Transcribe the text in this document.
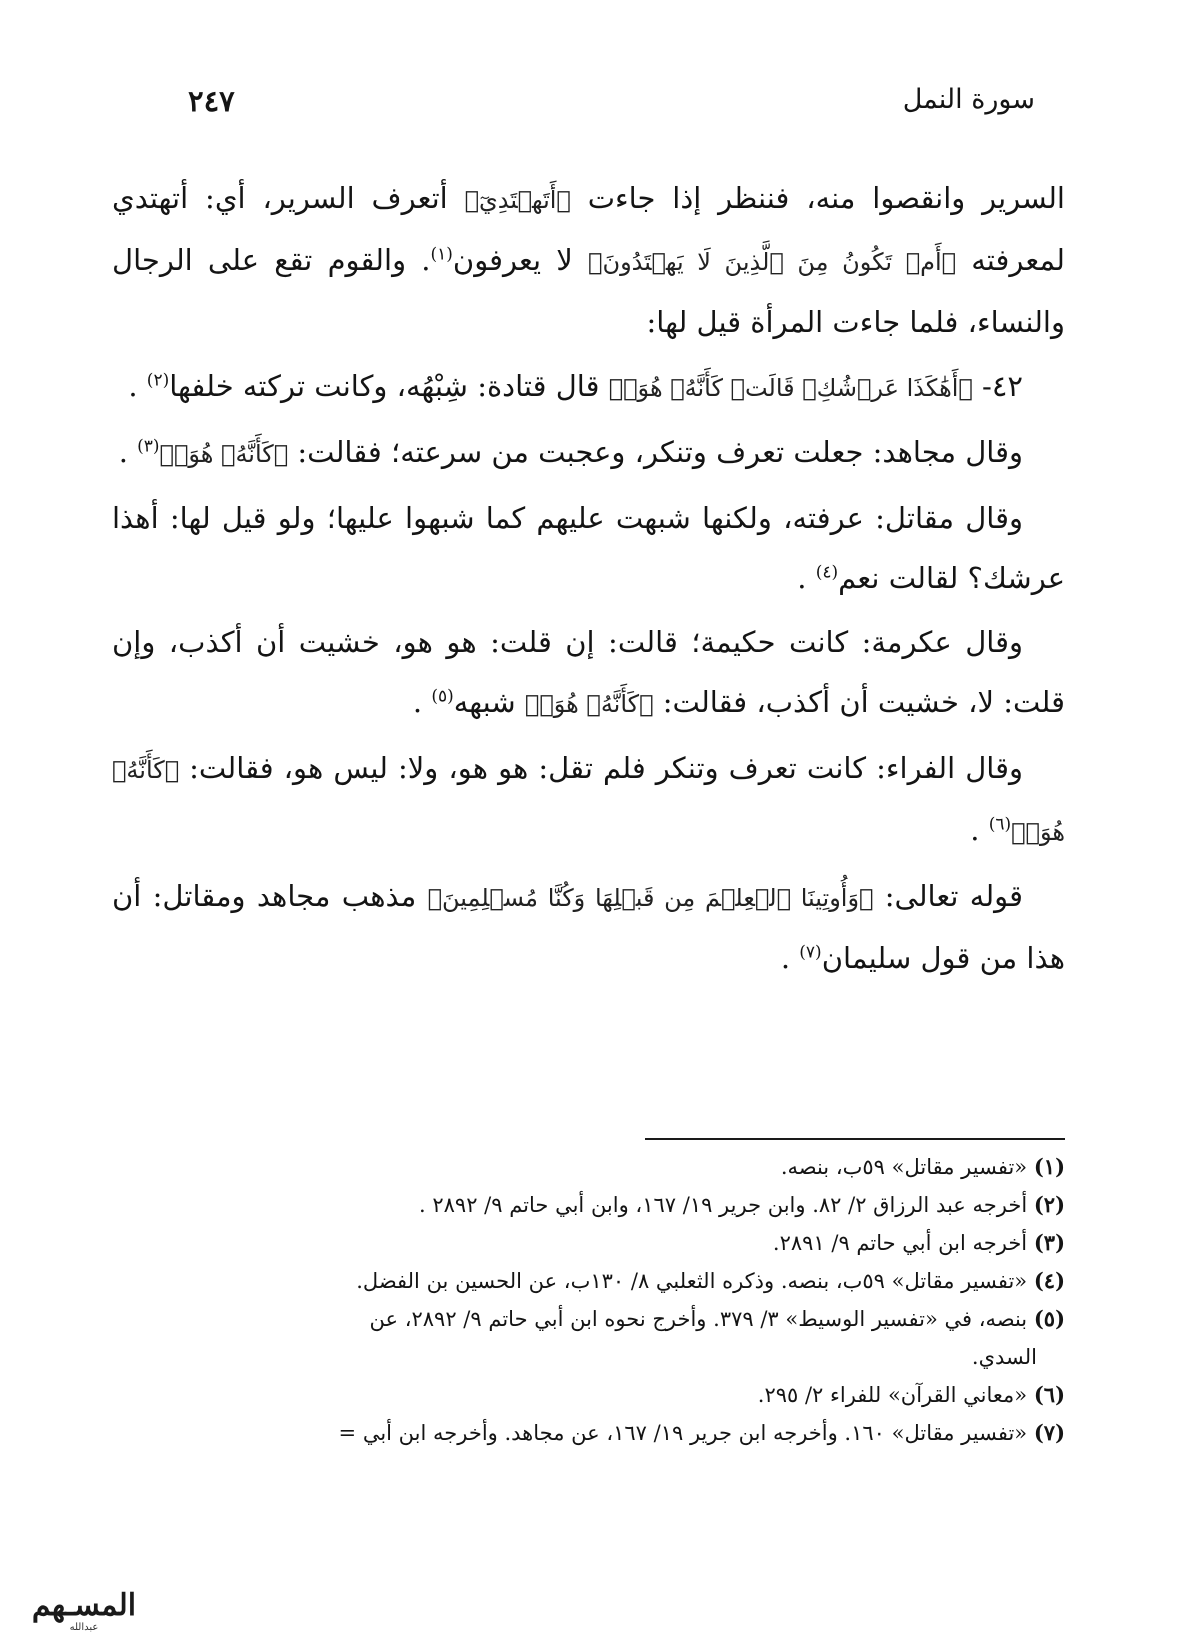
سورة النمل
٢٤٧

السرير وانقصوا منه، فننظر إذا جاءت ﴿أَتَهۡتَدِيٓ﴾ أتعرف السرير، أي: أتهتدي لمعرفته ﴿أَمۡ تَكُونُ مِنَ ٱلَّذِينَ لَا يَهۡتَدُونَ﴾ لا يعرفون$^{(١)}$. والقوم تقع على الرجال والنساء، فلما جاءت المرأة قيل لها:

٤٢- ﴿أَهَٰكَذَا عَرۡشُكِۖ قَالَتۡ كَأَنَّهُۥ هُوَۚ﴾ قال قتادة: شِبْهُه، وكانت تركته خلفها$^{(٢)}$ .

وقال مجاهد: جعلت تعرف وتنكر، وعجبت من سرعته؛ فقالت: ﴿كَأَنَّهُۥ هُوَۚ﴾$^{(٣)}$ .

وقال مقاتل: عرفته، ولكنها شبهت عليهم كما شبهوا عليها؛ ولو قيل لها: أهذا عرشك؟ لقالت نعم$^{(٤)}$ .

وقال عكرمة: كانت حكيمة؛ قالت: إن قلت: هو هو، خشيت أن أكذب، وإن قلت: لا، خشيت أن أكذب، فقالت: ﴿كَأَنَّهُۥ هُوَۚ﴾ شبهه$^{(٥)}$ .

وقال الفراء: كانت تعرف وتنكر فلم تقل: هو هو، ولا: ليس هو، فقالت: ﴿كَأَنَّهُۥ هُوَۚ﴾$^{(٦)}$ .

قوله تعالى: ﴿وَأُوتِينَا ٱلۡعِلۡمَ مِن قَبۡلِهَا وَكُنَّا مُسۡلِمِينَ﴾ مذهب مجاهد ومقاتل: أن هذا من قول سليمان$^{(٧)}$ .

(١) «تفسير مقاتل» ٥٩ب، بنصه.

(٢) أخرجه عبد الرزاق ٢/ ٨٢. وابن جرير ١٩/ ١٦٧، وابن أبي حاتم ٩/ ٢٨٩٢ .

(٣) أخرجه ابن أبي حاتم ٩/ ٢٨٩١.

(٤) «تفسير مقاتل» ٥٩ب، بنصه. وذكره الثعلبي ٨/ ١٣٠ب، عن الحسين بن الفضل.

(٥) بنصه، في «تفسير الوسيط» ٣/ ٣٧٩. وأخرج نحوه ابن أبي حاتم ٩/ ٢٨٩٢، عن
السدي.

(٦) «معاني القرآن» للفراء ٢/ ٢٩٥.

(٧) «تفسير مقاتل» ١٦٠. وأخرجه ابن جرير ١٩/ ١٦٧، عن مجاهد. وأخرجه ابن أبي =

المسـهم
عبدالله
